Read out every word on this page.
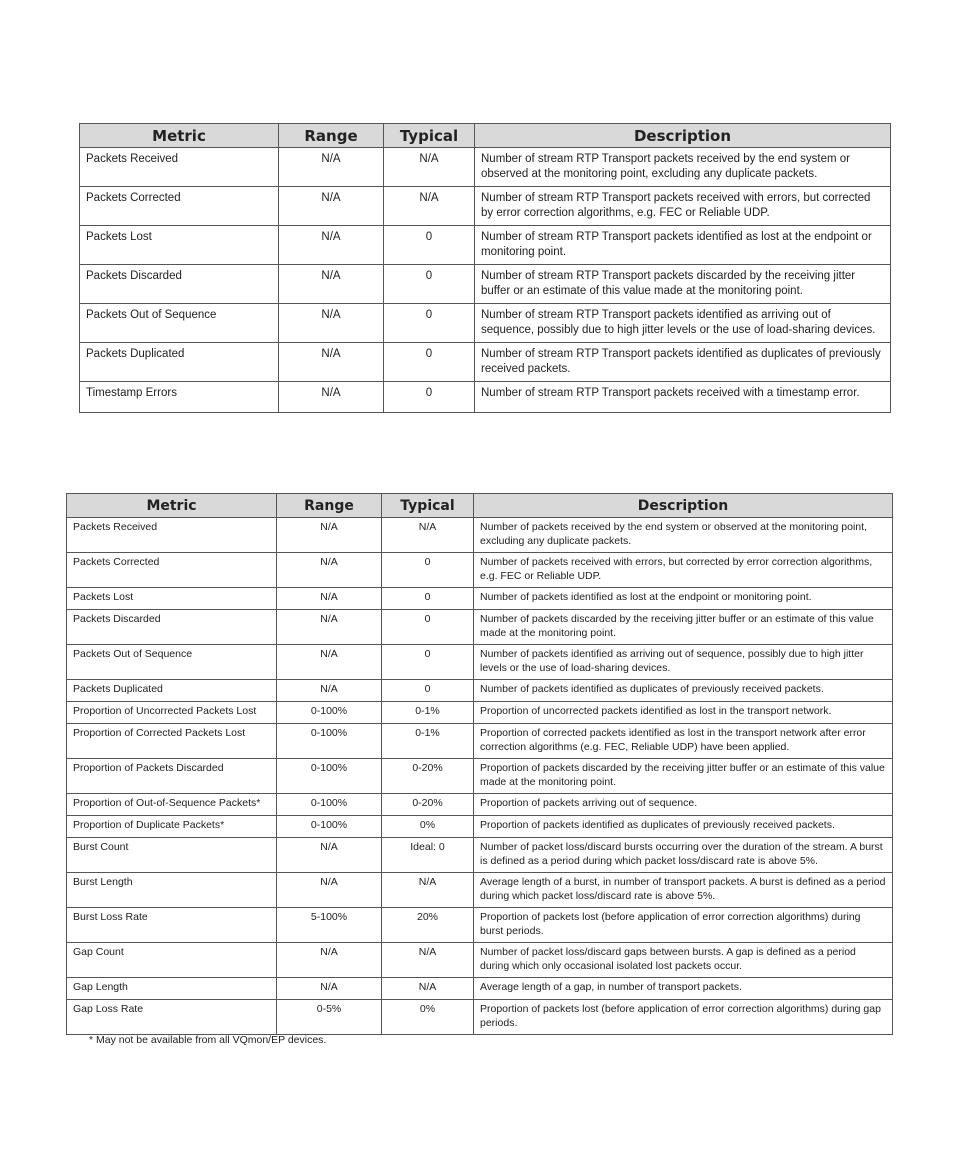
Metric	Range	Typical	Description
Packets Received	N/A	N/A	Number of stream RTP Transport packets received by the end system or observed at the monitoring point, excluding any duplicate packets.
Packets Corrected	N/A	N/A	Number of stream RTP Transport packets received with errors, but corrected by error correction algorithms, e.g. FEC or Reliable UDP.
Packets Lost	N/A	0	Number of stream RTP Transport packets identified as lost at the endpoint or monitoring point.
Packets Discarded	N/A	0	Number of stream RTP Transport packets discarded by the receiving jitter buffer or an estimate of this value made at the monitoring point.
Packets Out of Sequence	N/A	0	Number of stream RTP Transport packets identified as arriving out of sequence, possibly due to high jitter levels or the use of load-sharing devices.
Packets Duplicated	N/A	0	Number of stream RTP Transport packets identified as duplicates of previously received packets.
Timestamp Errors	N/A	0	Number of stream RTP Transport packets received with a timestamp error.
Metric	Range	Typical	Description
Packets Received	N/A	N/A	Number of packets received by the end system or observed at the monitoring point, excluding any duplicate packets.
Packets Corrected	N/A	0	Number of packets received with errors, but corrected by error correction algorithms, e.g. FEC or Reliable UDP.
Packets Lost	N/A	0	Number of packets identified as lost at the endpoint or monitoring point.
Packets Discarded	N/A	0	Number of packets discarded by the receiving jitter buffer or an estimate of this value made at the monitoring point.
Packets Out of Sequence	N/A	0	Number of packets identified as arriving out of sequence, possibly due to high jitter levels or the use of load-sharing devices.
Packets Duplicated	N/A	0	Number of packets identified as duplicates of previously received packets.
Proportion of Uncorrected Packets Lost	0-100%	0-1%	Proportion of uncorrected packets identified as lost in the transport network.
Proportion of Corrected Packets Lost	0-100%	0-1%	Proportion of corrected packets identified as lost in the transport network after error correction algorithms (e.g. FEC, Reliable UDP) have been applied.
Proportion of Packets Discarded	0-100%	0-20%	Proportion of packets discarded by the receiving jitter buffer or an estimate of this value made at the monitoring point.
Proportion of Out-of-Sequence Packets*	0-100%	0-20%	Proportion of packets arriving out of sequence.
Proportion of Duplicate Packets*	0-100%	0%	Proportion of packets identified as duplicates of previously received packets.
Burst Count	N/A	Ideal: 0	Number of packet loss/discard bursts occurring over the duration of the stream. A burst is defined as a period during which packet loss/discard rate is above 5%.
Burst Length	N/A	N/A	Average length of a burst, in number of transport packets. A burst is defined as a period during which packet loss/discard rate is above 5%.
Burst Loss Rate	5-100%	20%	Proportion of packets lost (before application of error correction algorithms) during burst periods.
Gap Count	N/A	N/A	Number of packet loss/discard gaps between bursts. A gap is defined as a period during which only occasional isolated lost packets occur.
Gap Length	N/A	N/A	Average length of a gap, in number of transport packets.
Gap Loss Rate	0-5%	0%	Proportion of packets lost (before application of error correction algorithms) during gap periods.
* May not be available from all VQmon/EP devices.
